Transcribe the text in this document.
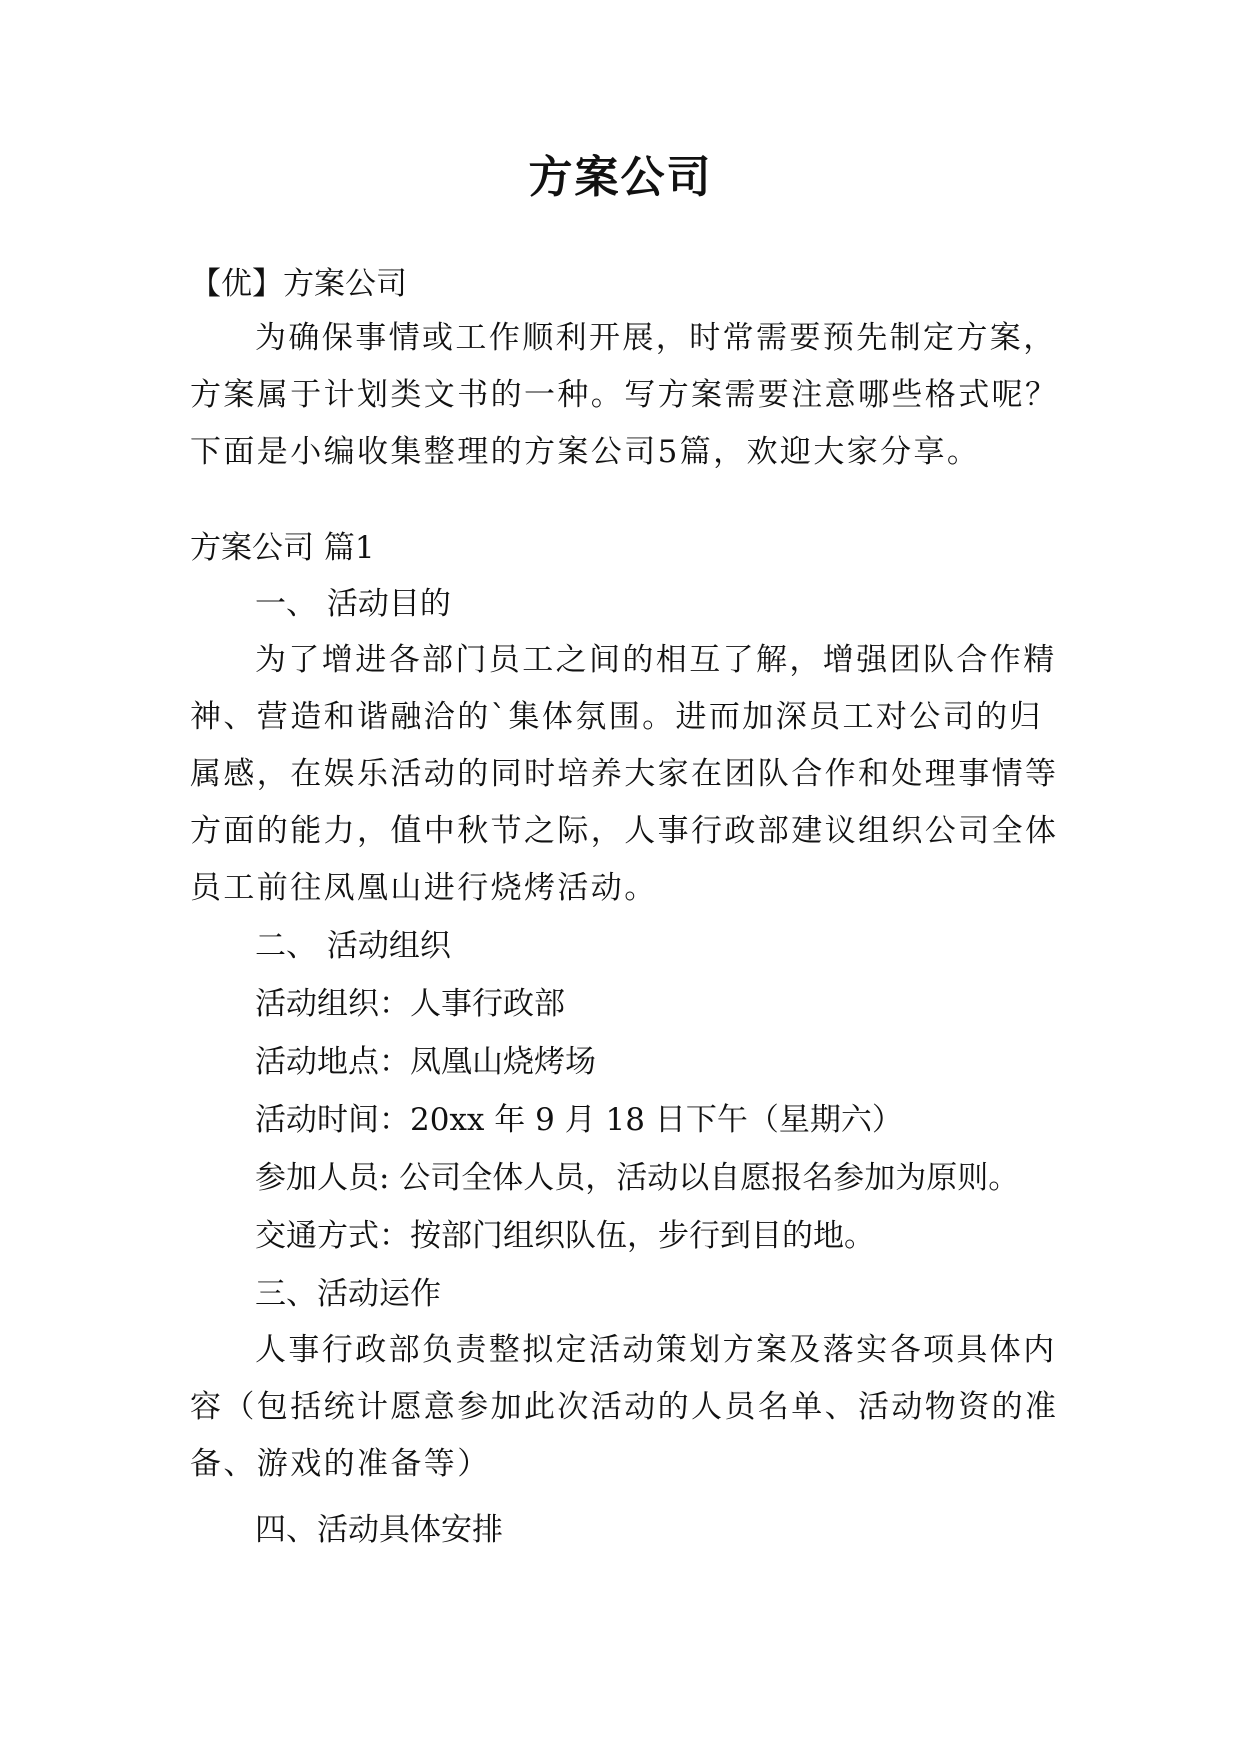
方案公司
【优】方案公司
为确保事情或工作顺利开展，时常需要预先制定方案，方案属于计划类文书的一种。写方案需要注意哪些格式呢？下面是小编收集整理的方案公司5篇，欢迎大家分享。
方案公司 篇1
一、 活动目的
为了增进各部门员工之间的相互了解，增强团队合作精神、营造和谐融洽的`集体氛围。进而加深员工对公司的归属感，在娱乐活动的同时培养大家在团队合作和处理事情等方面的能力，值中秋节之际，人事行政部建议组织公司全体员工前往凤凰山进行烧烤活动。
二、 活动组织
活动组织：人事行政部
活动地点：凤凰山烧烤场
活动时间：20xx 年 9 月 18 日下午（星期六）
参加人员: 公司全体人员，活动以自愿报名参加为原则。
交通方式：按部门组织队伍，步行到目的地。
三、活动运作
人事行政部负责整拟定活动策划方案及落实各项具体内容（包括统计愿意参加此次活动的人员名单、活动物资的准备、游戏的准备等）
四、活动具体安排
